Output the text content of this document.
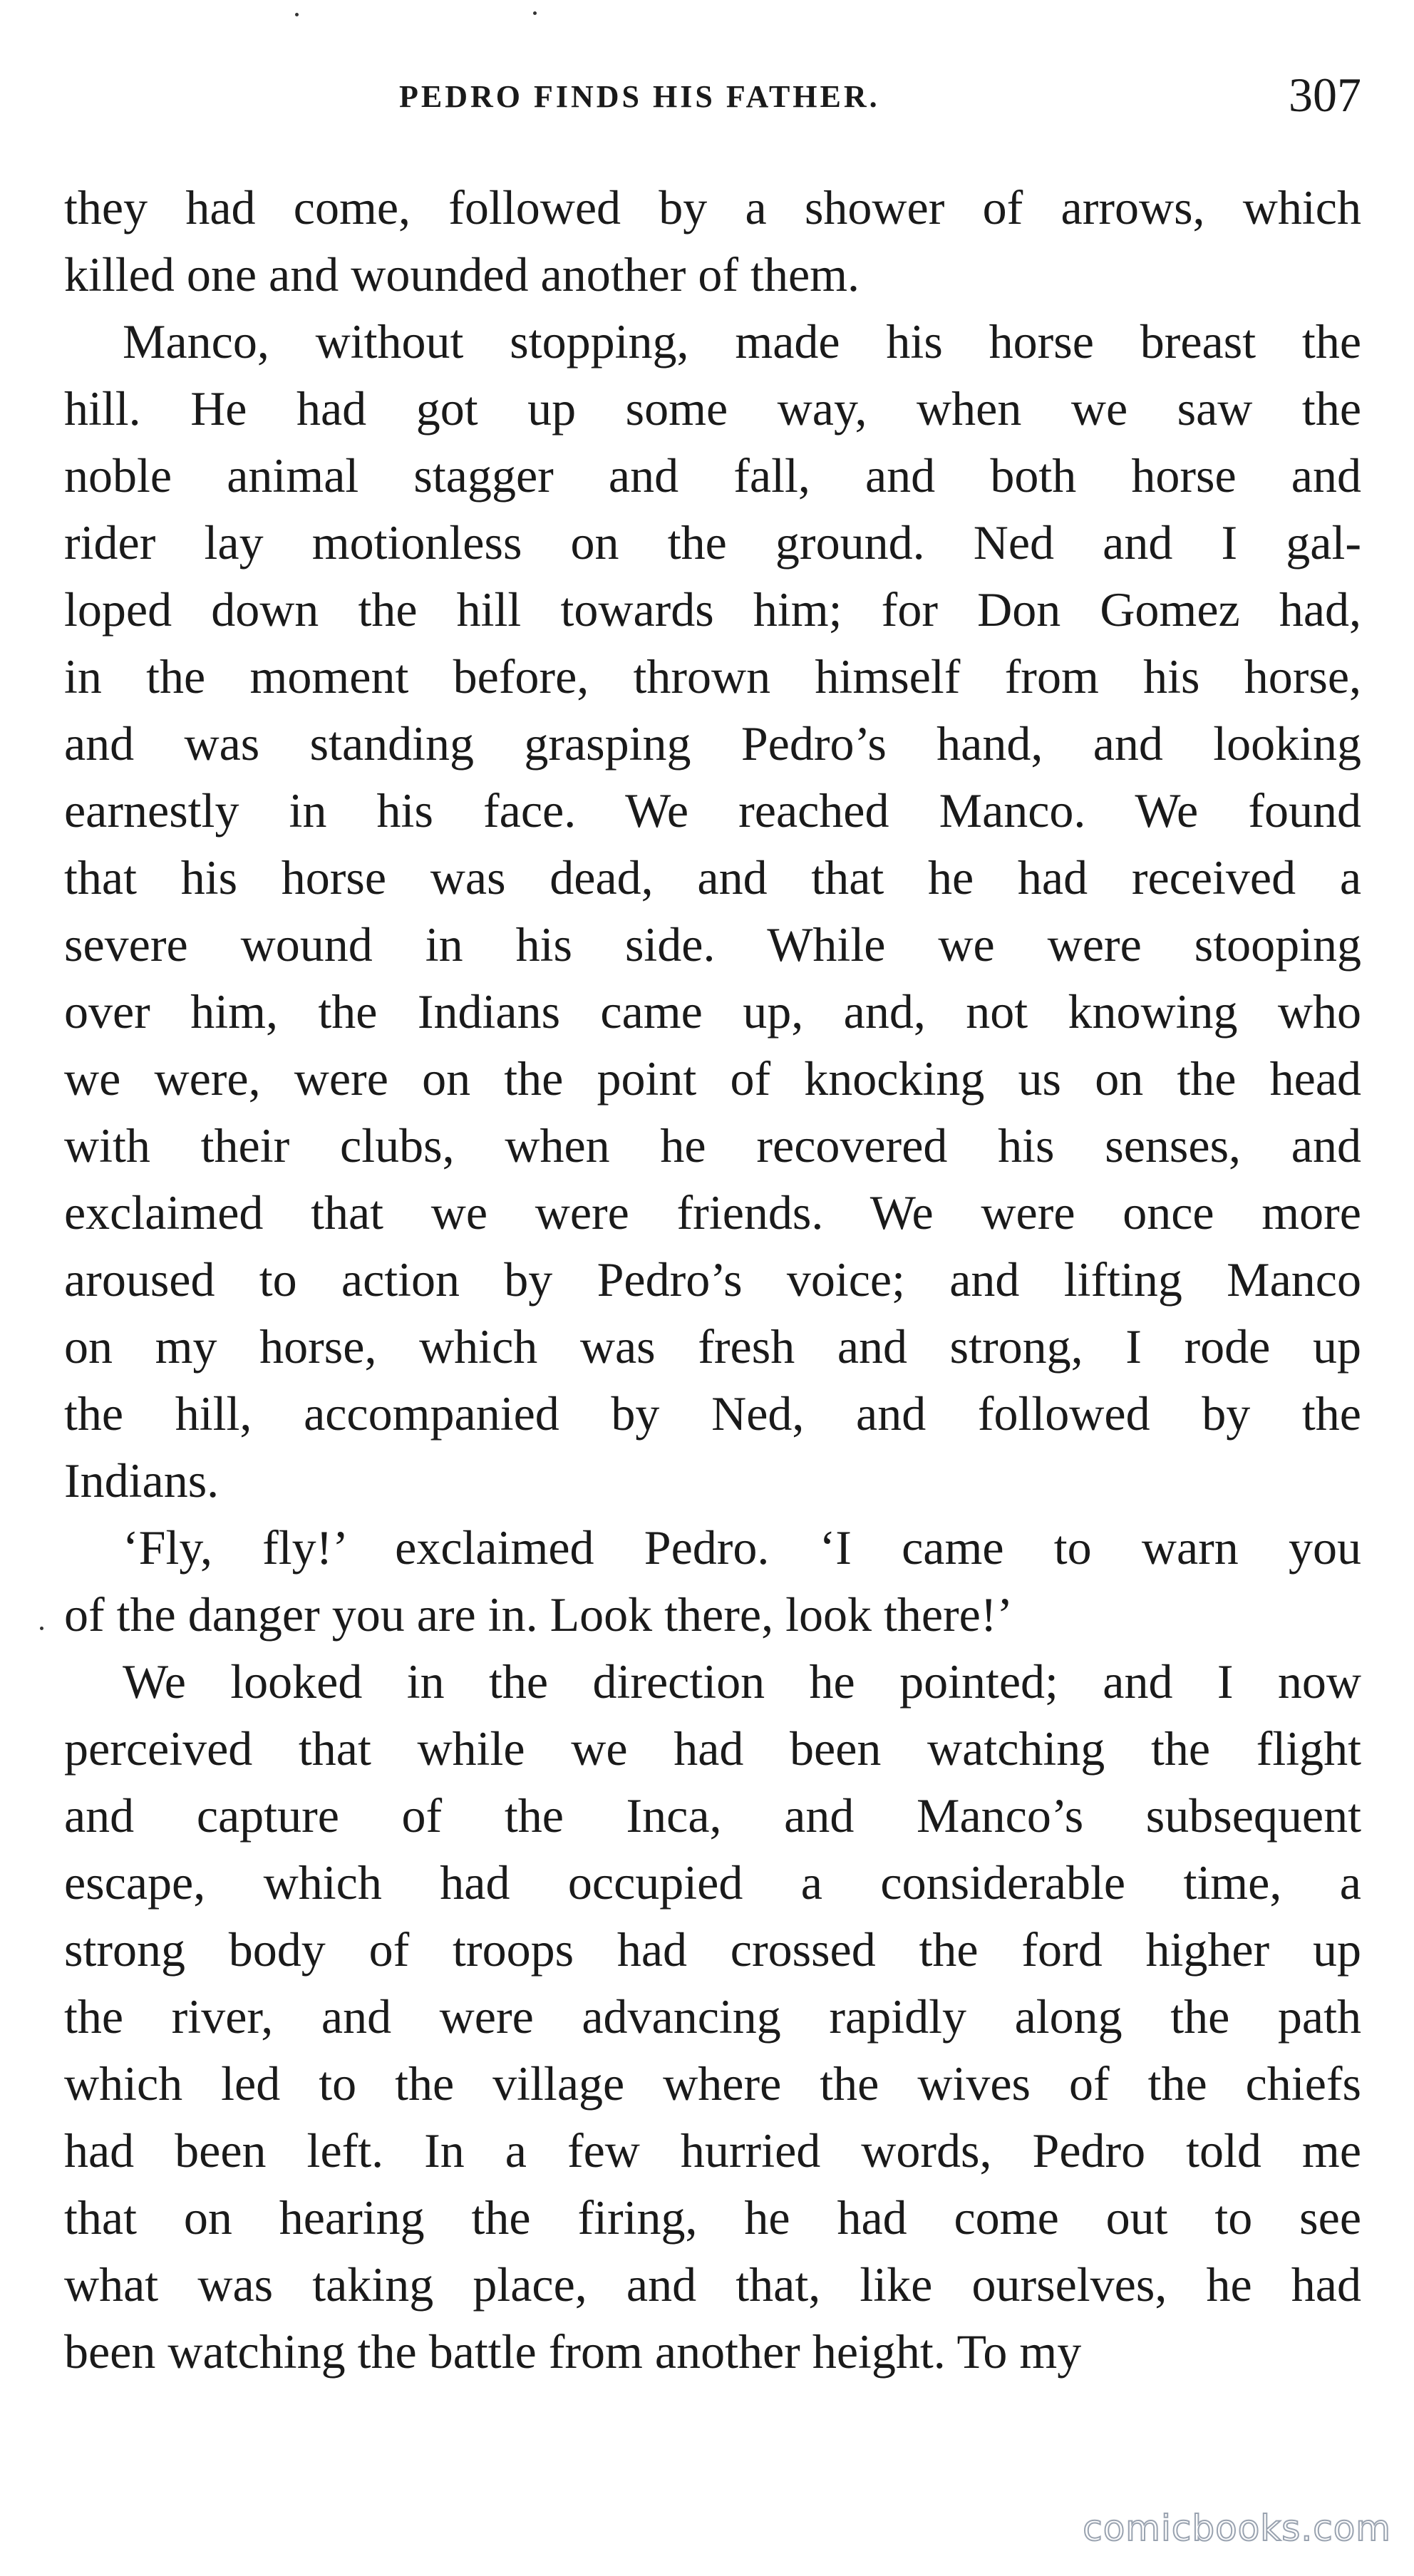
PEDRO FINDS HIS FATHER.	307
they had come, followed by a shower of arrows, which
killed one and wounded another of them.
Manco, without stopping, made his horse breast the
hill. He had got up some way, when we saw the
noble animal stagger and fall, and both horse and
rider lay motionless on the ground. Ned and I gal-
loped down the hill towards him; for Don Gomez had,
in the moment before, thrown himself from his horse,
and was standing grasping Pedro’s hand, and looking
earnestly in his face. We reached Manco. We found
that his horse was dead, and that he had received a
severe wound in his side. While we were stooping
over him, the Indians came up, and, not knowing who
we were, were on the point of knocking us on the head
with their clubs, when he recovered his senses, and
exclaimed that we were friends. We were once more
aroused to action by Pedro’s voice; and lifting Manco
on my horse, which was fresh and strong, I rode up
the hill, accompanied by Ned, and followed by the
Indians.
‘Fly, fly!’ exclaimed Pedro. ‘I came to warn you
of the danger you are in. Look there, look there!’
We looked in the direction he pointed; and I now
perceived that while we had been watching the flight
and capture of the Inca, and Manco’s subsequent
escape, which had occupied a considerable time, a
strong body of troops had crossed the ford higher up
the river, and were advancing rapidly along the path
which led to the village where the wives of the chiefs
had been left. In a few hurried words, Pedro told me
that on hearing the firing, he had come out to see
what was taking place, and that, like ourselves, he had
been watching the battle from another height. To my
comicbooks.com
